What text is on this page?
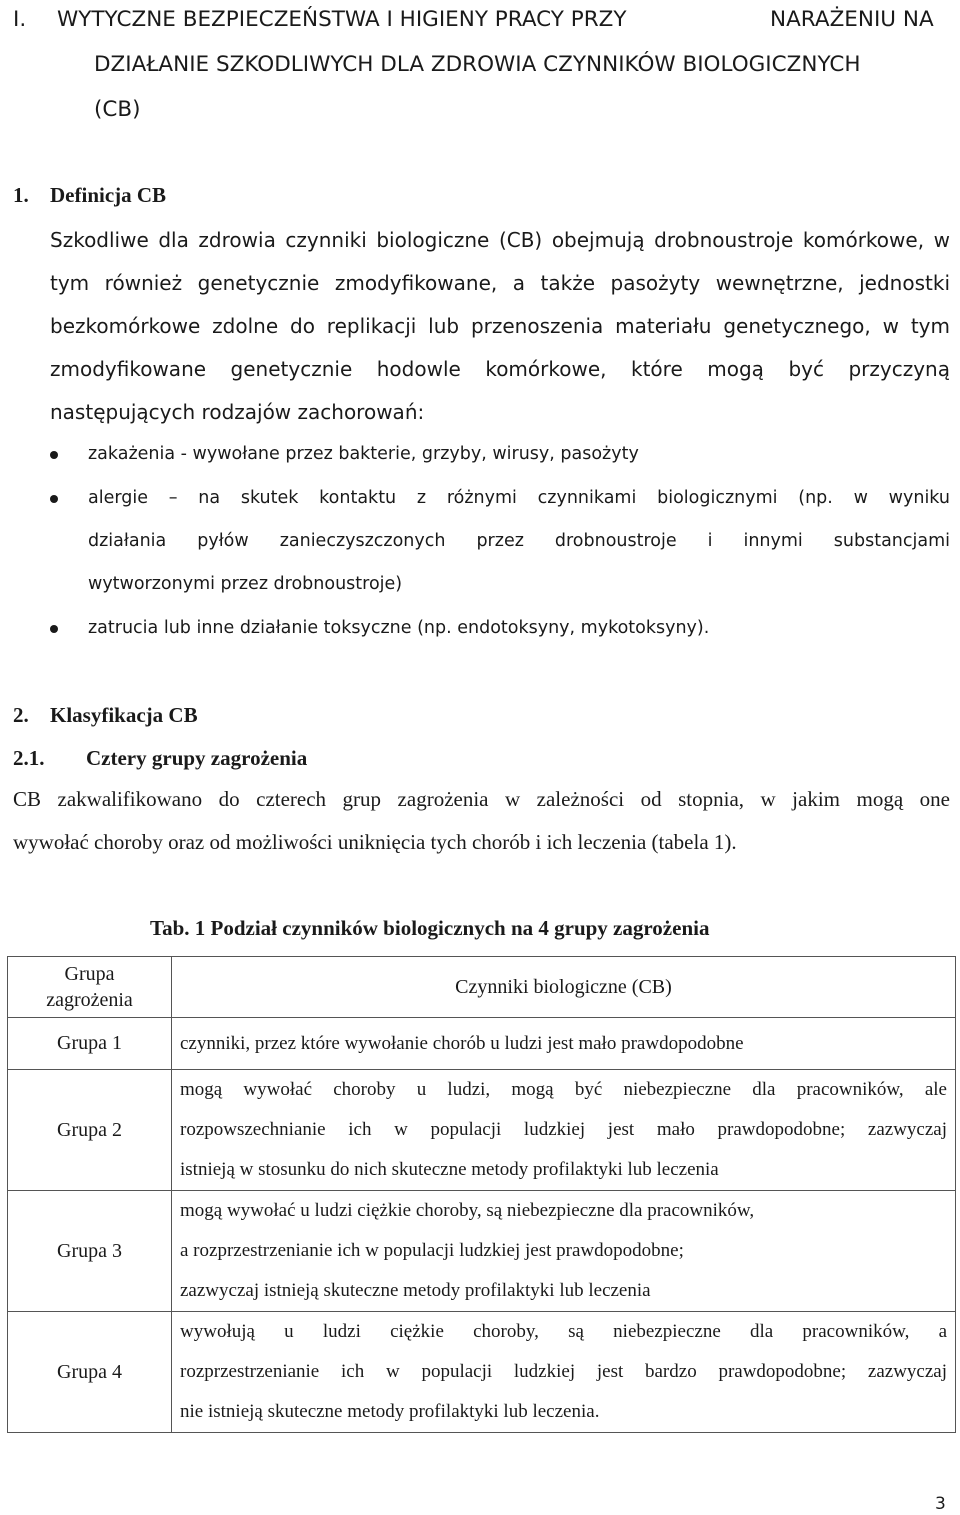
I. WYTYCZNE BEZPIECZEŃSTWA I HIGIENY PRACY PRZY	NARAŻENIU NA
DZIAŁANIE SZKODLIWYCH DLA ZDROWIA CZYNNIKÓW BIOLOGICZNYCH
(CB)
1. Definicja CB
Szkodliwe dla zdrowia czynniki biologiczne (CB) obejmują drobnoustroje komórkowe, w
tym również genetycznie zmodyfikowane, a także pasożyty wewnętrzne, jednostki
bezkomórkowe zdolne do replikacji lub przenoszenia materiału genetycznego, w tym
zmodyfikowane genetycznie hodowle komórkowe, które mogą być przyczyną
następujących rodzajów zachorowań:
zakażenia - wywołane przez bakterie, grzyby, wirusy, pasożyty
alergie – na skutek kontaktu z różnymi czynnikami biologicznymi (np. w wyniku
działania pyłów zanieczyszczonych przez drobnoustroje i innymi substancjami
wytworzonymi przez drobnoustroje)
zatrucia lub inne działanie toksyczne (np. endotoksyny, mykotoksyny).
2. Klasyfikacja CB
2.1. Cztery grupy zagrożenia
CB zakwalifikowano do czterech grup zagrożenia w zależności od stopnia, w jakim mogą one
wywołać choroby oraz od możliwości uniknięcia tych chorób i ich leczenia (tabela 1).
Tab. 1 Podział czynników biologicznych na 4 grupy zagrożenia
Grupa
zagrożenia	Czynniki biologiczne (CB)
Grupa 1	czynniki, przez które wywołanie chorób u ludzi jest mało prawdopodobne

Grupa 2	mogą wywołać choroby u ludzi, mogą być niebezpieczne dla pracowników, ale
rozpowszechnianie ich w populacji ludzkiej jest mało prawdopodobne; zazwyczaj
istnieją w stosunku do nich skuteczne metody profilaktyki lub leczenia

Grupa 3	mogą wywołać u ludzi ciężkie choroby, są niebezpieczne dla pracowników,
a rozprzestrzenianie ich w populacji ludzkiej jest prawdopodobne;
zazwyczaj istnieją skuteczne metody profilaktyki lub leczenia

Grupa 4	wywołują u ludzi ciężkie choroby, są niebezpieczne dla pracowników, a
rozprzestrzenianie ich w populacji ludzkiej jest bardzo prawdopodobne; zazwyczaj
nie istnieją skuteczne metody profilaktyki lub leczenia.
3
